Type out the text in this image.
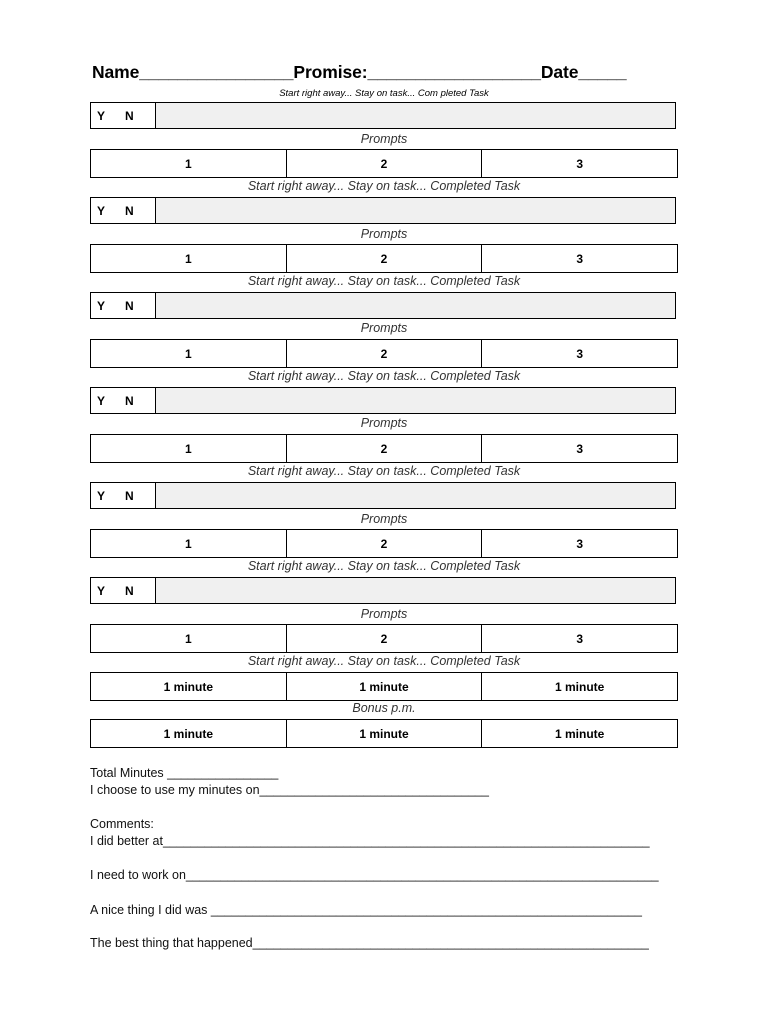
Name________________Promise:__________________Date_____
Start right away... Stay on task... Com pleted Task
Y N
Prompts
1	2	3
Start right away... Stay on task... Completed Task
Y N
Prompts
1	2	3
Start right away... Stay on task... Completed Task
Y N
Prompts
1	2	3
Start right away... Stay on task... Completed Task
Y N
Prompts
1	2	3
Start right away... Stay on task... Completed Task
Y N
Prompts
1	2	3
Start right away... Stay on task... Completed Task
Y N
Prompts
1	2	3
Start right away... Stay on task... Completed Task
1 minute	1 minute	1 minute
Bonus p.m.
1 minute	1 minute	1 minute
Total Minutes ________________
I choose to use my minutes on_________________________________
Comments:
I did better at______________________________________________________________________
I need to work on____________________________________________________________________
A nice thing I did was ______________________________________________________________
The best thing that happened_________________________________________________________
